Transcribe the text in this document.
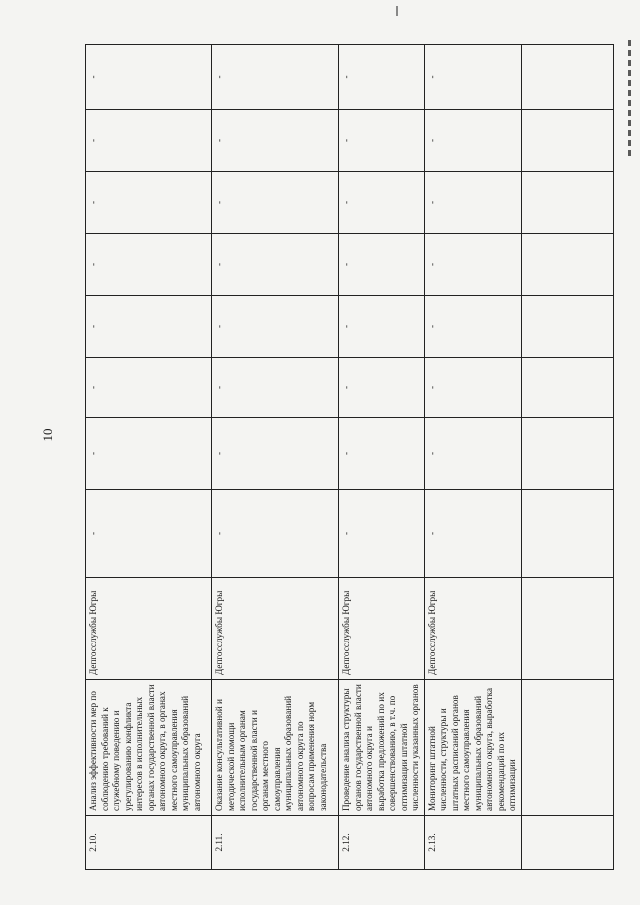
10
2.10.	Анализ эффективности мер по соблюдению требований к служебному поведению и урегулированию конфликта интересов в исполнительных органах государственной власти автономного округа, в органах местного самоуправления муниципальных образований автономного округа	Депгосслужбы Югры	-	-	-	-	-	-	-	-
2.11.	Оказание консультативной и методической помощи исполнительным органам государственной власти и органам местного самоуправления муниципальных образований автономного округа по вопросам применения норм законодательства	Депгосслужбы Югры	-	-	-	-	-	-	-	-
2.12.	Проведение анализа структуры органов государственной власти автономного округа и выработка предложений по их совершенствованию, в т.ч. по оптимизации штатной численности указанных органов	Депгосслужбы Югры	-	-	-	-	-	-	-	-
2.13.	Мониторинг штатной численности, структуры и штатных расписаний органов местного самоуправления муниципальных образований автономного округа, выработка рекомендаций по их оптимизации	Депгосслужбы Югры	-	-	-	-	-	-	-	-
